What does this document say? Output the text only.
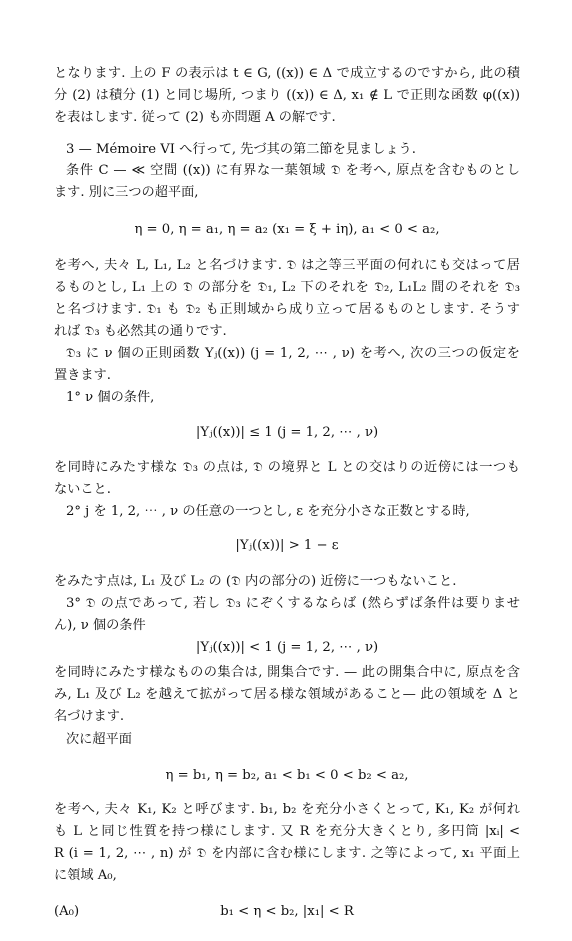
となります. 上の F の表示は t ∈ G, ((x)) ∈ Δ で成立するのですから, 此の積

分 (2) は積分 (1) と同じ場所, つまり ((x)) ∈ Δ, x₁ ∉ L で正則な函数 φ((x))

を表はします. 従って (2) も亦問題 A の解です.

3 — Mémoire VI へ行って, 先づ其の第二節を見ましょう.

条件 C — ≪ 空間 ((x)) に有界な一葉領域 𝔇 を考へ, 原点を含むものとし

ます. 別に三つの超平面,

η = 0, η = a₁, η = a₂ (x₁ = ξ + iη), a₁ < 0 < a₂,

を考へ, 夫々 L, L₁, L₂ と名づけます. 𝔇 は之等三平面の何れにも交はって居

るものとし, L₁ 上の 𝔇 の部分を 𝔇₁, L₂ 下のそれを 𝔇₂, L₁L₂ 間のそれを 𝔇₃

と名づけます. 𝔇₁ も 𝔇₂ も正則域から成り立って居るものとします. そうす

れば 𝔇₃ も必然其の通りです.

𝔇₃ に ν 個の正則函数 Yⱼ((x)) (j = 1, 2, ⋯ , ν) を考へ, 次の三つの仮定を

置きます.

1° ν 個の条件,

|Yⱼ((x))| ≤ 1 (j = 1, 2, ⋯ , ν)

を同時にみたす様な 𝔇₃ の点は, 𝔇 の境界と L との交はりの近傍には一つも

ないこと.

2° j を 1, 2, ⋯ , ν の任意の一つとし, ε を充分小さな正数とする時,

|Yⱼ((x))| > 1 − ε

をみたす点は, L₁ 及び L₂ の (𝔇 内の部分の) 近傍に一つもないこと.

3° 𝔇 の点であって, 若し 𝔇₃ にぞくするならば (然らずば条件は要りませ

ん), ν 個の条件

|Yⱼ((x))| < 1 (j = 1, 2, ⋯ , ν)

を同時にみたす様なものの集合は, 開集合です. — 此の開集合中に, 原点を含

み, L₁ 及び L₂ を越えて拡がって居る様な領域があること— 此の領域を Δ と

名づけます.

次に超平面

η = b₁, η = b₂, a₁ < b₁ < 0 < b₂ < a₂,

を考へ, 夫々 K₁, K₂ と呼びます. b₁, b₂ を充分小さくとって, K₁, K₂ が何れ

も L と同じ性質を持つ様にします. 又 R を充分大きくとり, 多円筒 |xᵢ| <

R (i = 1, 2, ⋯ , n) が 𝔇 を内部に含む様にします. 之等によって, x₁ 平面上

に領域 A₀,

(A₀)	b₁ < η < b₂, |x₁| < R
